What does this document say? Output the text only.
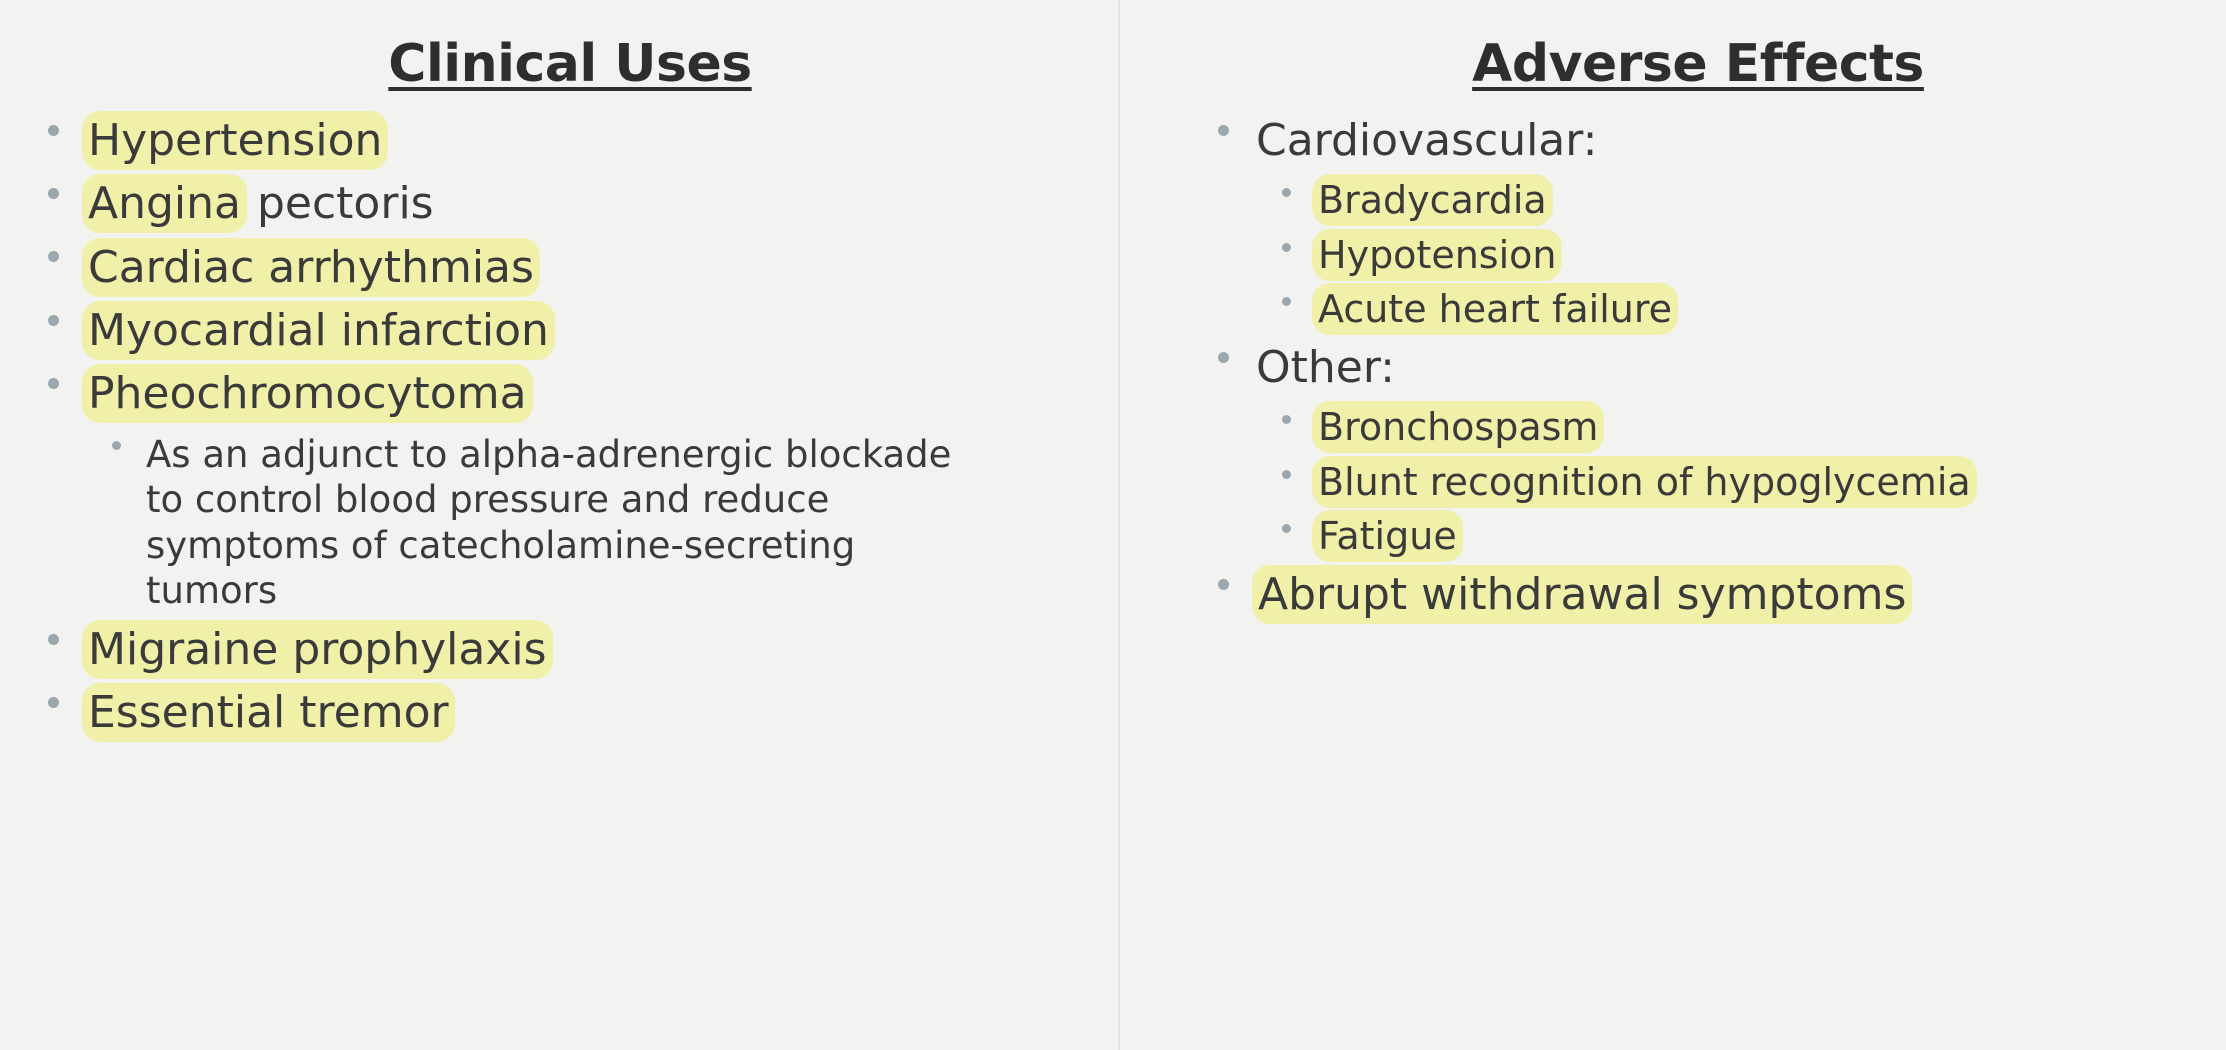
Clinical Uses
Hypertension
Angina pectoris
Cardiac arrhythmias
Myocardial infarction
Pheochromocytoma
As an adjunct to alpha-adrenergic blockade to control blood pressure and reduce symptoms of catecholamine-secreting tumors
Migraine prophylaxis
Essential tremor
Adverse Effects
Cardiovascular:
Bradycardia
Hypotension
Acute heart failure
Other:
Bronchospasm
Blunt recognition of hypoglycemia
Fatigue
Abrupt withdrawal symptoms
